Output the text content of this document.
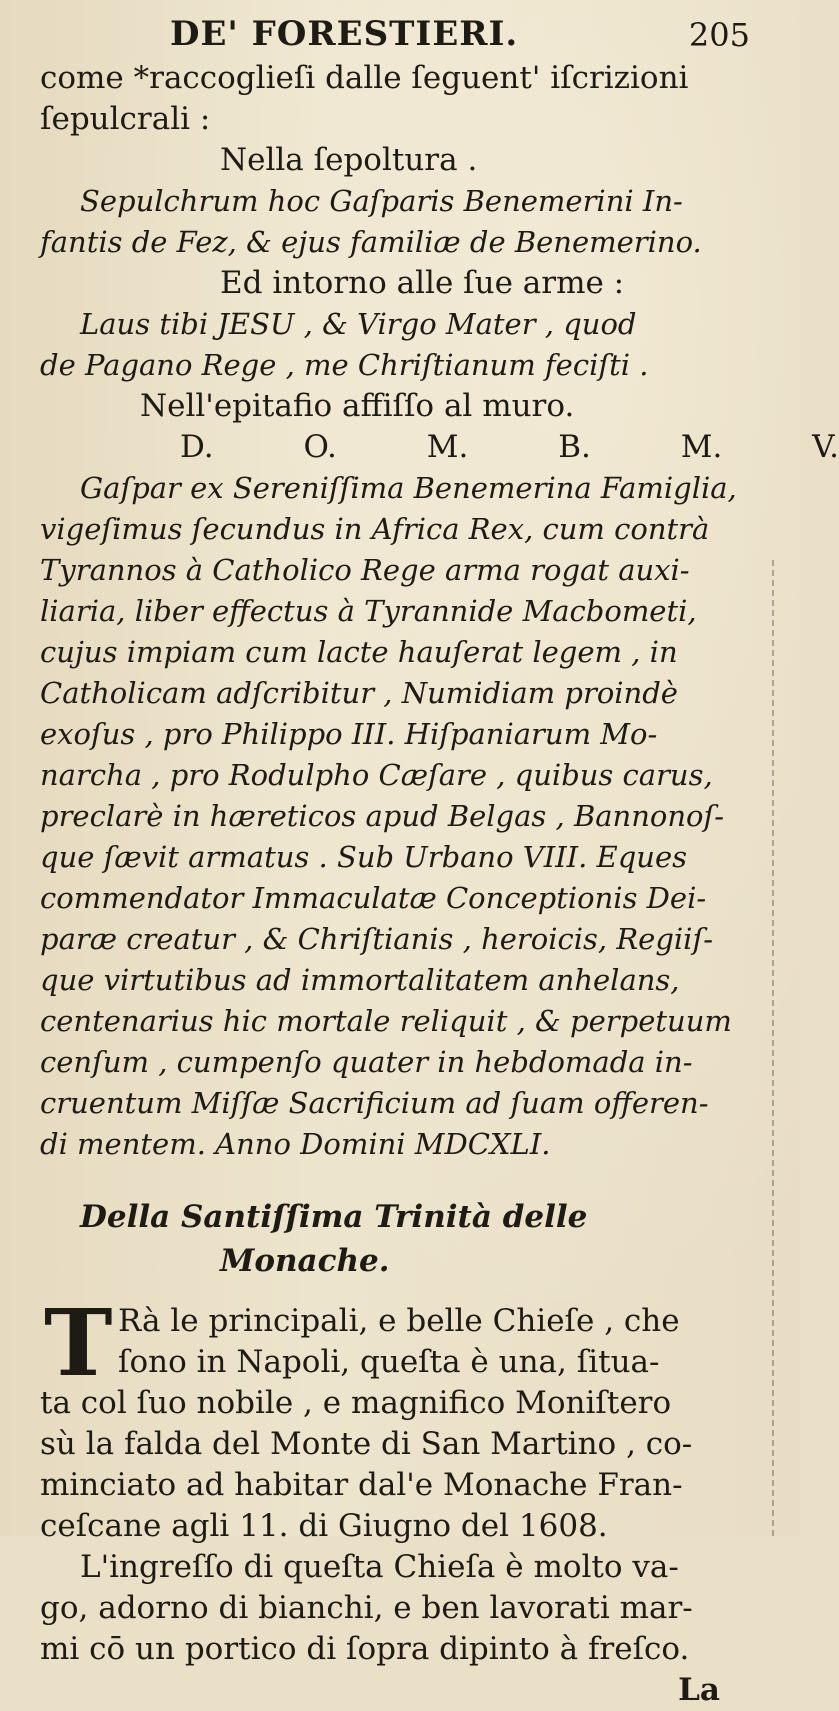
DE' FORESTIERI.	205
come *raccoglieſi dalle ſeguent' iſcrizioni
ſepulcrali :
Nella ſepoltura .
Sepulchrum hoc Gaſparis Benemerini In-
fantis de Fez, & ejus familiæ de Benemerino.
Ed intorno alle ſue arme :
Laus tibi JESU , & Virgo Mater , quod
de Pagano Rege , me Chriſtianum feciſti .
Nell'epitafio affiſſo al muro.
D. O. M. B. M. V.
Gaſpar ex Sereniſſima Benemerina Famiglia,
vigeſimus ſecundus in Africa Rex, cum contrà
Tyrannos à Catholico Rege arma rogat auxi-
liaria, liber effectus à Tyrannide Macbometi,
cujus impiam cum lacte hauſerat legem , in
Catholicam adſcribitur , Numidiam proindè
exoſus , pro Philippo III. Hiſpaniarum Mo-
narcha , pro Rodulpho Cæſare , quibus carus,
preclarè in hæreticos apud Belgas , Bannonoſ-
que ſævit armatus . Sub Urbano VIII. Eques
commendator Immaculatæ Conceptionis Dei-
paræ creatur , & Chriſtianis , heroicis, Regiiſ-
que virtutibus ad immortalitatem anhelans,
centenarius hic mortale reliquit , & perpetuum
cenſum , cumpenſo quater in hebdomada in-
cruentum Miſſæ Sacrificium ad ſuam offeren-
di mentem. Anno Domini MDCXLI.
Della Santiſſima Trinità delle
Monache.
T Rà le principali, e belle Chieſe , che
ſono in Napoli, queſta è una, ſitua-
ta col ſuo nobile , e magnifico Moniſtero
sù la falda del Monte di San Martino , co-
minciato ad habitar dal'e Monache Fran-
ceſcane agli 11. di Giugno del 1608.
L'ingreſſo di queſta Chieſa è molto va-
go, adorno di bianchi, e ben lavorati mar-
mi cō un portico di ſopra dipinto à freſco.
La
